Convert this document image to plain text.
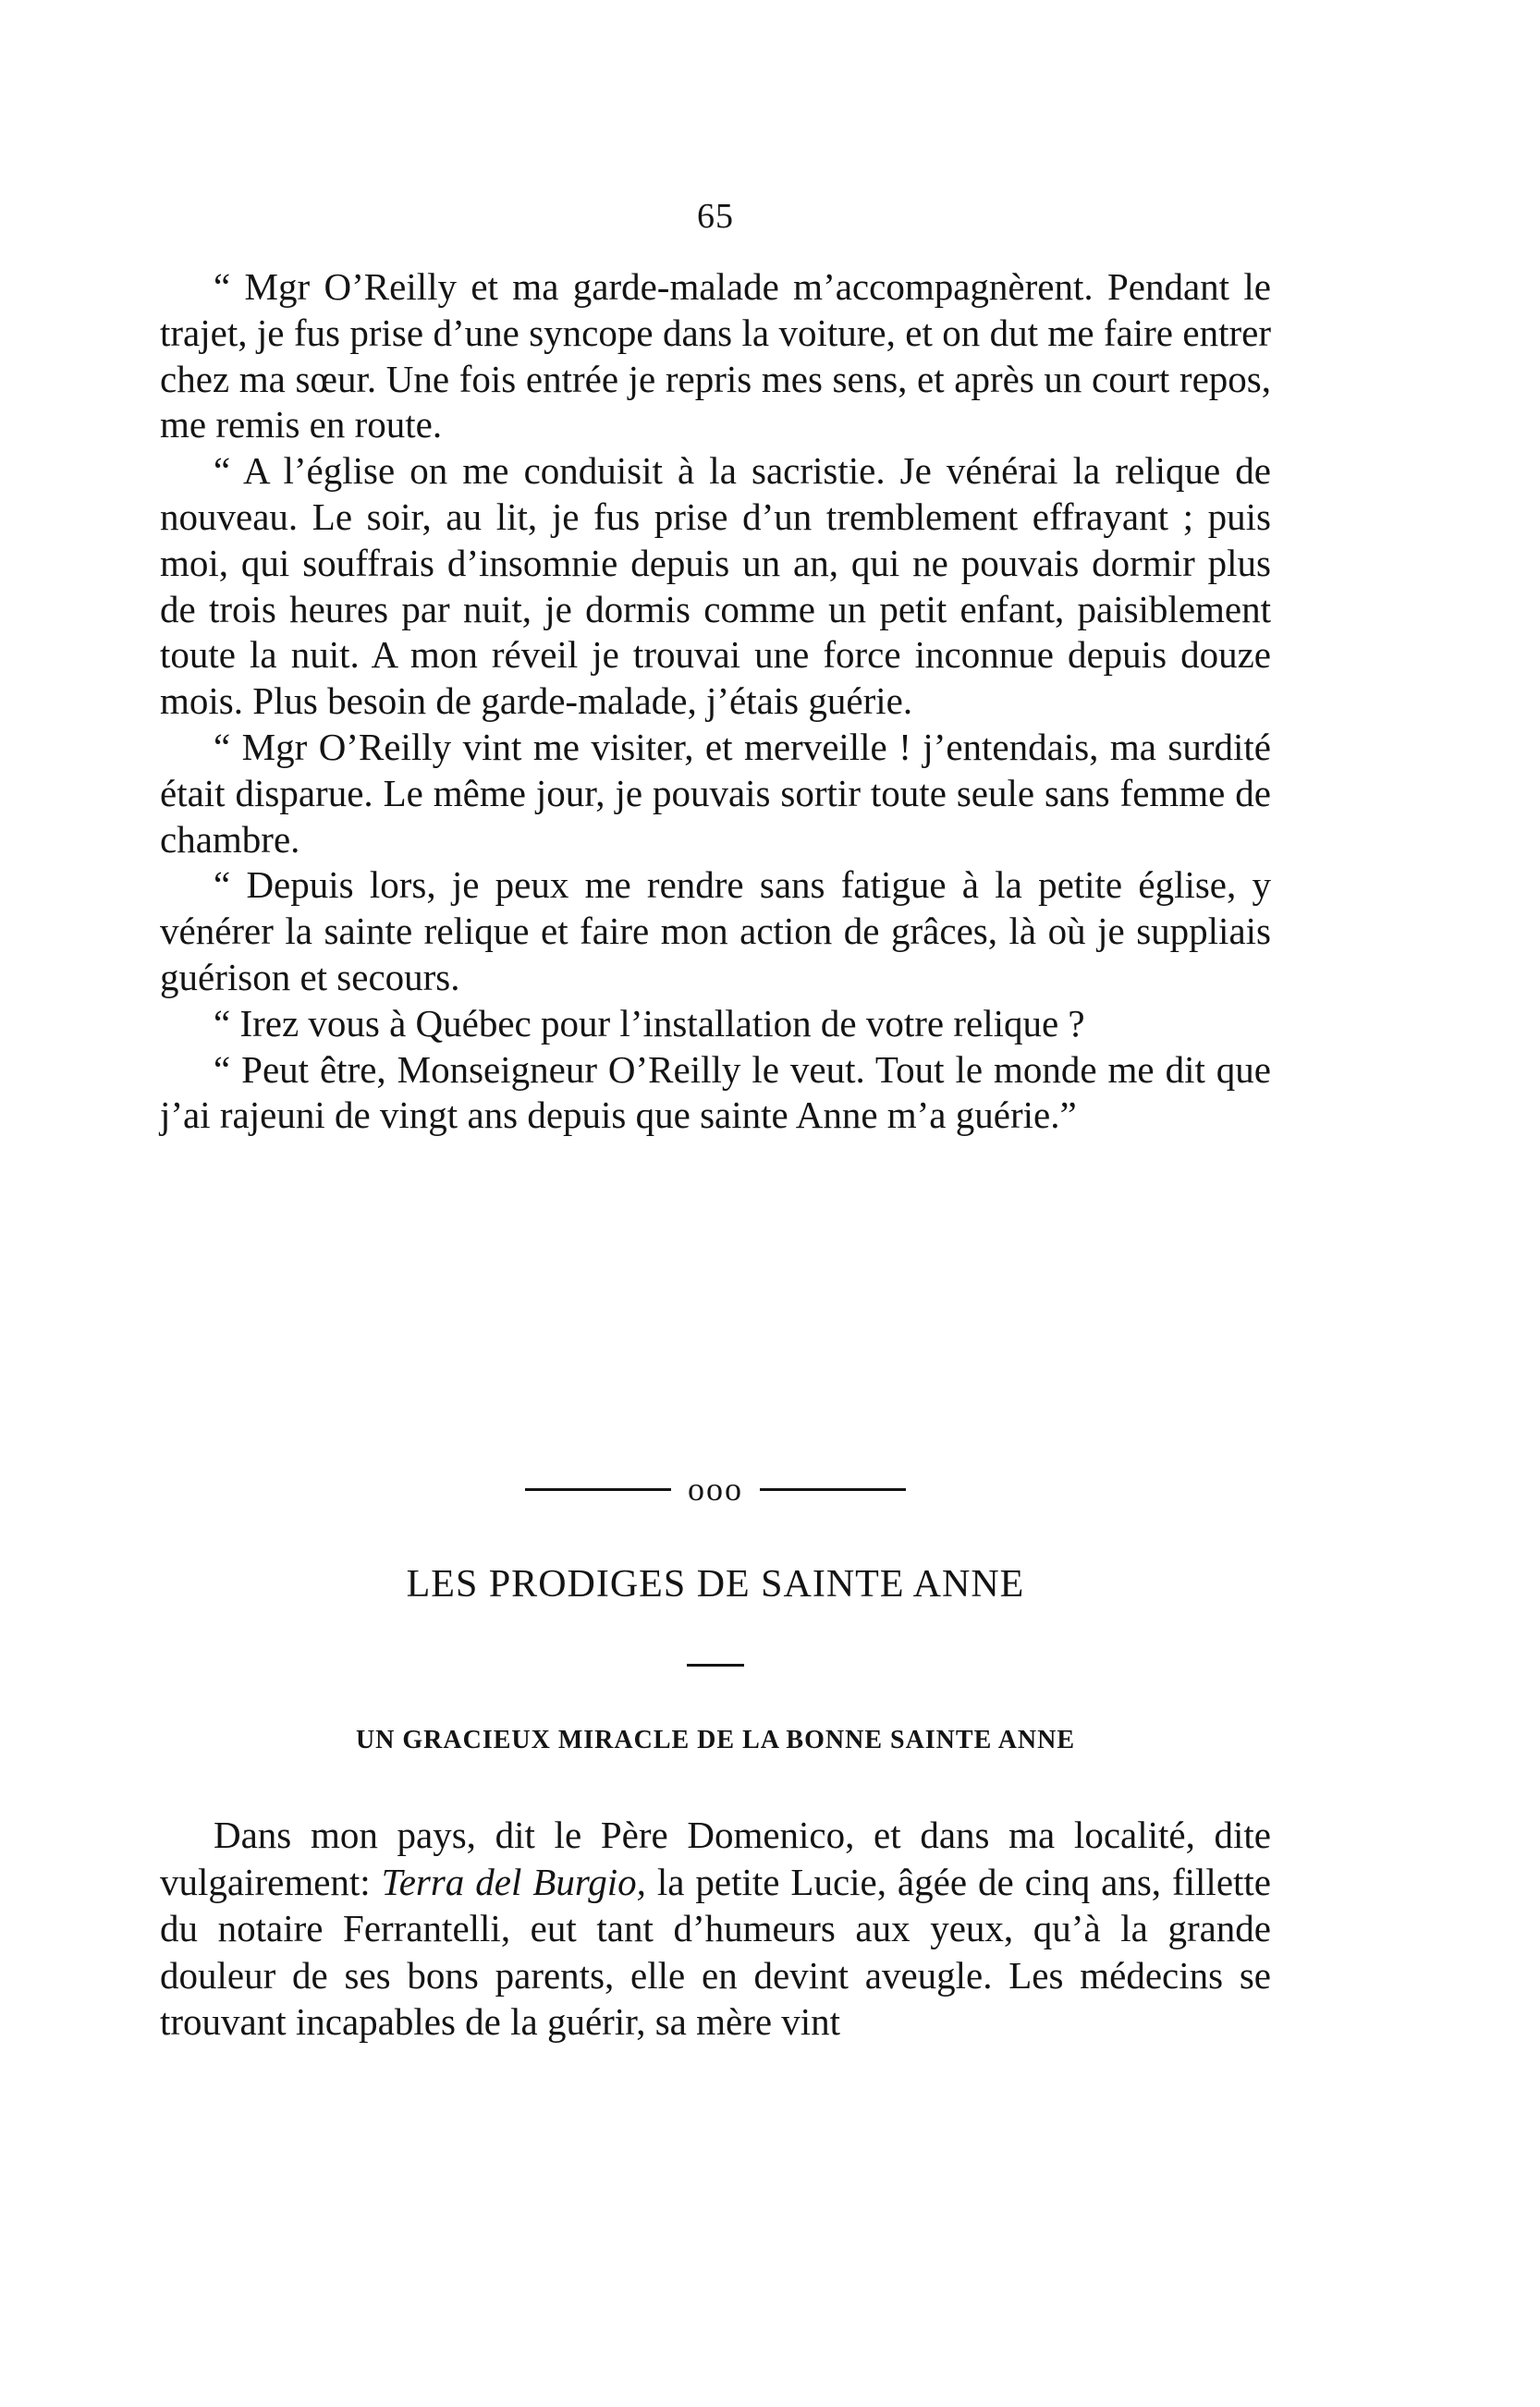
65

“ Mgr O’Reilly et ma garde-malade m’accompagnèrent. Pendant le trajet, je fus prise d’une syncope dans la voiture, et on dut me faire entrer chez ma sœur. Une fois entrée je repris mes sens, et après un court repos, me remis en route.

“ A l’église on me conduisit à la sacristie. Je vénérai la relique de nouveau. Le soir, au lit, je fus prise d’un tremblement effrayant ; puis moi, qui souffrais d’insomnie depuis un an, qui ne pouvais dormir plus de trois heures par nuit, je dormis comme un petit enfant, paisiblement toute la nuit. A mon réveil je trouvai une force inconnue depuis douze mois. Plus besoin de garde-malade, j’étais guérie.

“ Mgr O’Reilly vint me visiter, et merveille ! j’entendais, ma surdité était disparue. Le même jour, je pouvais sortir toute seule sans femme de chambre.

“ Depuis lors, je peux me rendre sans fatigue à la petite église, y vénérer la sainte relique et faire mon action de grâces, là où je suppliais guérison et secours.

“ Irez vous à Québec pour l’installation de votre relique ?

“ Peut être, Monseigneur O’Reilly le veut. Tout le monde me dit que j’ai rajeuni de vingt ans depuis que sainte Anne m’a guérie.”

ooo
LES PRODIGES DE SAINTE ANNE
UN GRACIEUX MIRACLE DE LA BONNE SAINTE ANNE

Dans mon pays, dit le Père Domenico, et dans ma localité, dite vulgairement: Terra del Burgio, la petite Lucie, âgée de cinq ans, fillette du notaire Ferrantelli, eut tant d’humeurs aux yeux, qu’à la grande douleur de ses bons parents, elle en devint aveugle. Les médecins se trouvant incapables de la guérir, sa mère vint
